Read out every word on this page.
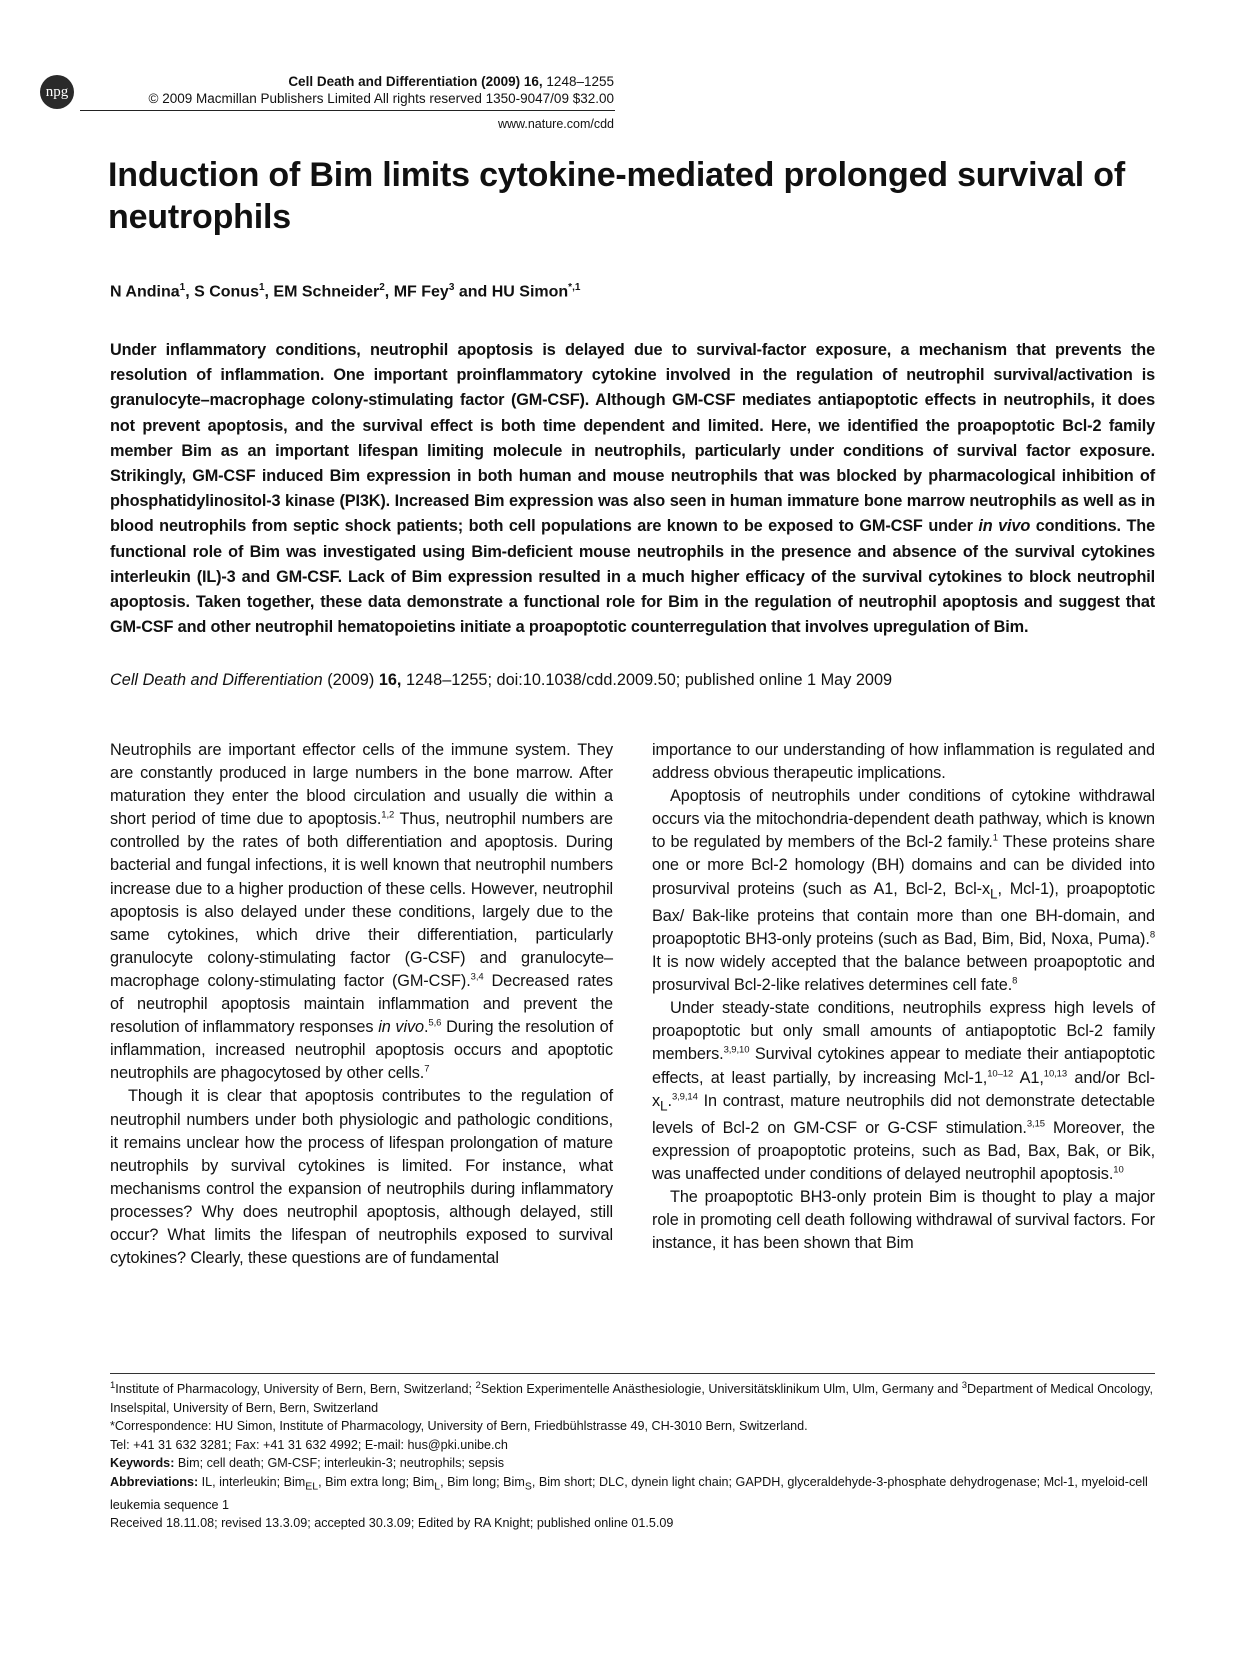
npg
Cell Death and Differentiation (2009) 16, 1248–1255
© 2009 Macmillan Publishers Limited All rights reserved 1350-9047/09 $32.00
www.nature.com/cdd
Induction of Bim limits cytokine-mediated prolonged survival of neutrophils
N Andina$^1$, S Conus$^1$, EM Schneider$^2$, MF Fey$^3$ and HU Simon$^{*,1}$
Under inflammatory conditions, neutrophil apoptosis is delayed due to survival-factor exposure, a mechanism that prevents the resolution of inflammation. One important proinflammatory cytokine involved in the regulation of neutrophil survival/activation is granulocyte–macrophage colony-stimulating factor (GM-CSF). Although GM-CSF mediates antiapoptotic effects in neutrophils, it does not prevent apoptosis, and the survival effect is both time dependent and limited. Here, we identified the proapoptotic Bcl-2 family member Bim as an important lifespan limiting molecule in neutrophils, particularly under conditions of survival factor exposure. Strikingly, GM-CSF induced Bim expression in both human and mouse neutrophils that was blocked by pharmacological inhibition of phosphatidylinositol-3 kinase (PI3K). Increased Bim expression was also seen in human immature bone marrow neutrophils as well as in blood neutrophils from septic shock patients; both cell populations are known to be exposed to GM-CSF under in vivo conditions. The functional role of Bim was investigated using Bim-deficient mouse neutrophils in the presence and absence of the survival cytokines interleukin (IL)-3 and GM-CSF. Lack of Bim expression resulted in a much higher efficacy of the survival cytokines to block neutrophil apoptosis. Taken together, these data demonstrate a functional role for Bim in the regulation of neutrophil apoptosis and suggest that GM-CSF and other neutrophil hematopoietins initiate a proapoptotic counterregulation that involves upregulation of Bim.
Cell Death and Differentiation (2009) 16, 1248–1255; doi:10.1038/cdd.2009.50; published online 1 May 2009

Neutrophils are important effector cells of the immune system. They are constantly produced in large numbers in the bone marrow. After maturation they enter the blood circulation and usually die within a short period of time due to apoptosis.$^{1,2}$ Thus, neutrophil numbers are controlled by the rates of both differentiation and apoptosis. During bacterial and fungal infections, it is well known that neutrophil numbers increase due to a higher production of these cells. However, neutrophil apoptosis is also delayed under these conditions, largely due to the same cytokines, which drive their differentiation, particularly granulocyte colony-stimulating factor (G-CSF) and granulocyte–macrophage colony-stimulating factor (GM-CSF).$^{3,4}$ Decreased rates of neutrophil apoptosis maintain inflammation and prevent the resolution of inflammatory responses in vivo.$^{5,6}$ During the resolution of inflammation, increased neutrophil apoptosis occurs and apoptotic neutrophils are phagocytosed by other cells.$^7$

Though it is clear that apoptosis contributes to the regulation of neutrophil numbers under both physiologic and pathologic conditions, it remains unclear how the process of lifespan prolongation of mature neutrophils by survival cytokines is limited. For instance, what mechanisms control the expansion of neutrophils during inflammatory processes? Why does neutrophil apoptosis, although delayed, still occur? What limits the lifespan of neutrophils exposed to survival cytokines? Clearly, these questions are of fundamental

importance to our understanding of how inflammation is regulated and address obvious therapeutic implications.

Apoptosis of neutrophils under conditions of cytokine withdrawal occurs via the mitochondria-dependent death pathway, which is known to be regulated by members of the Bcl-2 family.$^1$ These proteins share one or more Bcl-2 homology (BH) domains and can be divided into prosurvival proteins (such as A1, Bcl-2, Bcl-$x_L$, Mcl-1), proapoptotic Bax/ Bak-like proteins that contain more than one BH-domain, and proapoptotic BH3-only proteins (such as Bad, Bim, Bid, Noxa, Puma).$^8$ It is now widely accepted that the balance between proapoptotic and prosurvival Bcl-2-like relatives determines cell fate.$^8$

Under steady-state conditions, neutrophils express high levels of proapoptotic but only small amounts of antiapoptotic Bcl-2 family members.$^{3,9,10}$ Survival cytokines appear to mediate their antiapoptotic effects, at least partially, by increasing Mcl-1,$^{10-12}$ A1,$^{10,13}$ and/or Bcl-$x_L.^{3,9,14}$ In contrast, mature neutrophils did not demonstrate detectable levels of Bcl-2 on GM-CSF or G-CSF stimulation.$^{3,15}$ Moreover, the expression of proapoptotic proteins, such as Bad, Bax, Bak, or Bik, was unaffected under conditions of delayed neutrophil apoptosis.$^{10}$

The proapoptotic BH3-only protein Bim is thought to play a major role in promoting cell death following withdrawal of survival factors. For instance, it has been shown that Bim

$^1$Institute of Pharmacology, University of Bern, Bern, Switzerland; $^2$Sektion Experimentelle Anästhesiologie, Universitätsklinikum Ulm, Ulm, Germany and $^3$Department of Medical Oncology, Inselspital, University of Bern, Bern, Switzerland

*Correspondence: HU Simon, Institute of Pharmacology, University of Bern, Friedbühlstrasse 49, CH-3010 Bern, Switzerland.

Tel: +41 31 632 3281; Fax: +41 31 632 4992; E-mail: hus@pki.unibe.ch

Keywords: Bim; cell death; GM-CSF; interleukin-3; neutrophils; sepsis

Abbreviations: IL, interleukin; Bim$_{EL}$, Bim extra long; Bim$_L$, Bim long; Bim$_S$, Bim short; DLC, dynein light chain; GAPDH, glyceraldehyde-3-phosphate dehydrogenase; Mcl-1, myeloid-cell leukemia sequence 1

Received 18.11.08; revised 13.3.09; accepted 30.3.09; Edited by RA Knight; published online 01.5.09
